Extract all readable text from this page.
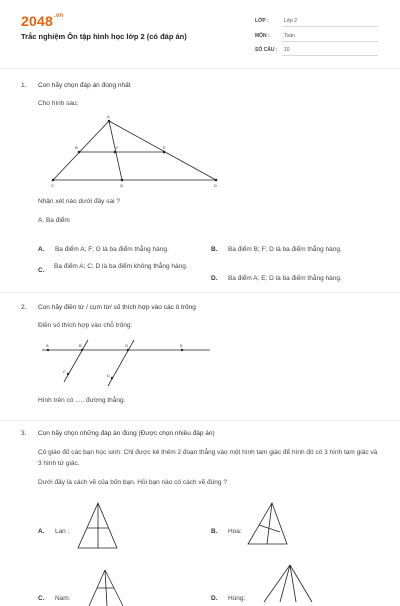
$2048^{.vn}$
Trắc nghiệm Ôn tập hình học lớp 2 (có đáp án)
LỚP :	Lớp 2
MÔN :	Toán
SỐ CÂU : 10
1. Con hãy chọn đáp án đúng nhất
Cho hình sau:
A
C	D
G
B	E
F
Nhận xét nào dưới đây sai ?
A. Ba điểm
A. Ba điểm A; F; G là ba điểm thẳng hàng.	B. Ba điểm B; F; D là ba điểm thẳng hàng.
C.
Ba điểm A; C; D là ba điểm không thẳng hàng.
D. Ba điểm A; E; D là ba điểm thẳng hàng.
2. Con hãy điền từ / cụm từ/ số thích hợp vào các ô trống
Điền số thích hợp vào chỗ trống:
A	B	G	E
C
D
Hình trên có ..... đường thẳng.
3. Con hãy chọn những đáp án đúng (Được chọn nhiều đáp án)
Cô giáo đố các bạn học sinh: Chỉ được kẻ thêm 2 đoạn thẳng vào một hình tam giác để hình đó có 3 hình tam giác và 3 hình tứ giác.
Dưới đây là cách vẽ của bốn bạn. Hỏi bạn nào có cách vẽ đúng ?
A. Lan :	B. Hoa:
C. Nam:	D. Hùng:
